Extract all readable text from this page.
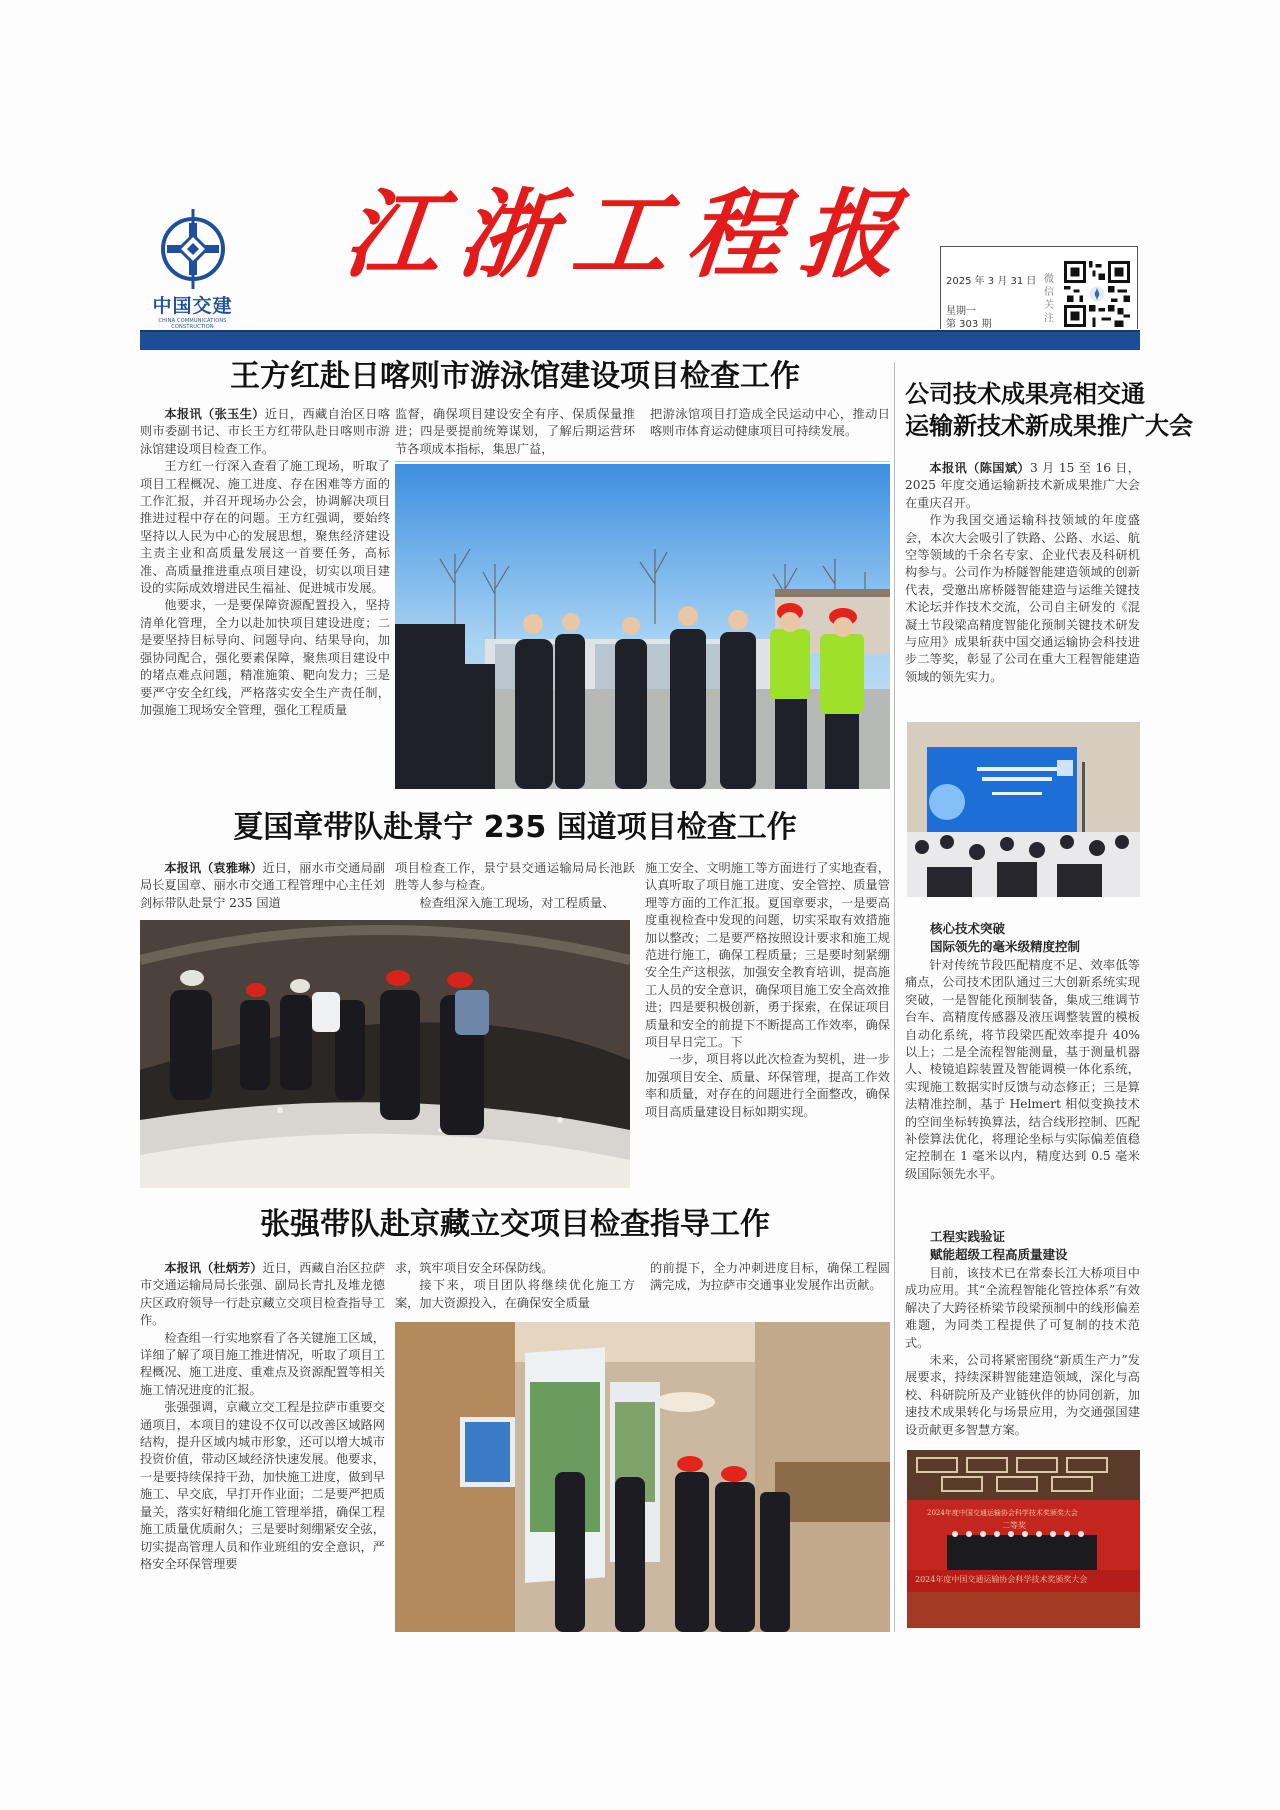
中国交建
CHINA COMMUNICATIONS CONSTRUCTION
江浙工程报	2025 年 3 月 31 日
星期一
第 303 期
微信关注
王方红赴日喀则市游泳馆建设项目检查工作

本报讯（张玉生）近日，西藏自治区日喀则市委副书记、市长王方红带队赴日喀则市游泳馆建设项目检查工作。

王方红一行深入查看了施工现场，听取了项目工程概况、施工进度、存在困难等方面的工作汇报，并召开现场办公会，协调解决项目推进过程中存在的问题。王方红强调，要始终坚持以人民为中心的发展思想，聚焦经济建设主责主业和高质量发展这一首要任务，高标准、高质量推进重点项目建设，切实以项目建设的实际成效增进民生福祉、促进城市发展。

他要求，一是要保障资源配置投入，坚持清单化管理，全力以赴加快项目建设进度；二是要坚持目标导向、问题导向、结果导向，加强协同配合，强化要素保障，聚焦项目建设中的堵点难点问题，精准施策、靶向发力；三是要严守安全红线，严格落实安全生产责任制，加强施工现场安全管理，强化工程质量

监督，确保项目建设安全有序、保质保量推进；四是要提前统筹谋划，了解后期运营环节各项成本指标，集思广益，

把游泳馆项目打造成全民运动中心，推动日喀则市体育运动健康项目可持续发展。

夏国章带队赴景宁 235 国道项目检查工作

本报讯（袁雅琳）近日，丽水市交通局副局长夏国章、丽水市交通工程管理中心主任刘剑标带队赴景宁 235 国道

项目检查工作，景宁县交通运输局局长池跃胜等人参与检查。

检查组深入施工现场，对工程质量、

施工安全、文明施工等方面进行了实地查看，认真听取了项目施工进度、安全管控、质量管理等方面的工作汇报。夏国章要求，一是要高度重视检查中发现的问题，切实采取有效措施加以整改；二是要严格按照设计要求和施工规范进行施工，确保工程质量；三是要时刻紧绷安全生产这根弦，加强安全教育培训，提高施工人员的安全意识，确保项目施工安全高效推进；四是要积极创新，勇于探索，在保证项目质量和安全的前提下不断提高工作效率，确保项目早日完工。下

一步，项目将以此次检查为契机，进一步加强项目安全、质量、环保管理，提高工作效率和质量，对存在的问题进行全面整改，确保项目高质量建设目标如期实现。

张强带队赴京藏立交项目检查指导工作

本报讯（杜炳芳）近日，西藏自治区拉萨市交通运输局局长张强、副局长青扎及堆龙德庆区政府领导一行赴京藏立交项目检查指导工作。

检查组一行实地察看了各关键施工区域，详细了解了项目施工推进情况，听取了项目工程概况、施工进度、重难点及资源配置等相关施工情况进度的汇报。

张强强调，京藏立交工程是拉萨市重要交通项目，本项目的建设不仅可以改善区域路网结构，提升区域内城市形象，还可以增大城市投资价值，带动区域经济快速发展。他要求，一是要持续保持干劲，加快施工进度，做到早施工、早交底，早打开作业面；二是要严把质量关，落实好精细化施工管理举措，确保工程施工质量优质耐久；三是要时刻绷紧安全弦，切实提高管理人员和作业班组的安全意识，严格安全环保管理要

求，筑牢项目安全环保防线。

接下来，项目团队将继续优化施工方案，加大资源投入，在确保安全质量

的前提下，全力冲刺进度目标，确保工程圆满完成，为拉萨市交通事业发展作出贡献。

公司技术成果亮相交通
运输新技术新成果推广大会

本报讯（陈国斌）3 月 15 至 16 日，2025 年度交通运输新技术新成果推广大会在重庆召开。

作为我国交通运输科技领域的年度盛会，本次大会吸引了铁路、公路、水运、航空等领域的千余名专家、企业代表及科研机构参与。公司作为桥隧智能建造领域的创新代表，受邀出席桥隧智能建造与运维关键技术论坛并作技术交流，公司自主研发的《混凝土节段梁高精度智能化预制关键技术研发与应用》成果斩获中国交通运输协会科技进步二等奖，彰显了公司在重大工程智能建造领域的领先实力。

核心技术突破
国际领先的毫米级精度控制

针对传统节段匹配精度不足、效率低等痛点，公司技术团队通过三大创新系统实现突破，一是智能化预制装备，集成三维调节台车、高精度传感器及液压调整装置的模板自动化系统，将节段梁匹配效率提升 40% 以上；二是全流程智能测量，基于测量机器人、棱镜追踪装置及智能调模一体化系统，实现施工数据实时反馈与动态修正；三是算法精准控制，基于 Helmert 相似变换技术的空间坐标转换算法，结合线形控制、匹配补偿算法优化，将理论坐标与实际偏差值稳定控制在 1 毫米以内，精度达到 0.5 毫米级国际领先水平。

工程实践验证
赋能超级工程高质量建设

目前，该技术已在常泰长江大桥项目中成功应用。其“全流程智能化管控体系”有效解决了大跨径桥梁节段梁预制中的线形偏差难题，为同类工程提供了可复制的技术范式。

未来，公司将紧密围绕“新质生产力”发展要求，持续深耕智能建造领域，深化与高校、科研院所及产业链伙伴的协同创新，加速技术成果转化与场景应用，为交通强国建设贡献更多智慧方案。

2024年度中国交通运输协会科学技术奖颁奖大会
二等奖
2024年度中国交通运输协会科学技术奖颁奖大会
